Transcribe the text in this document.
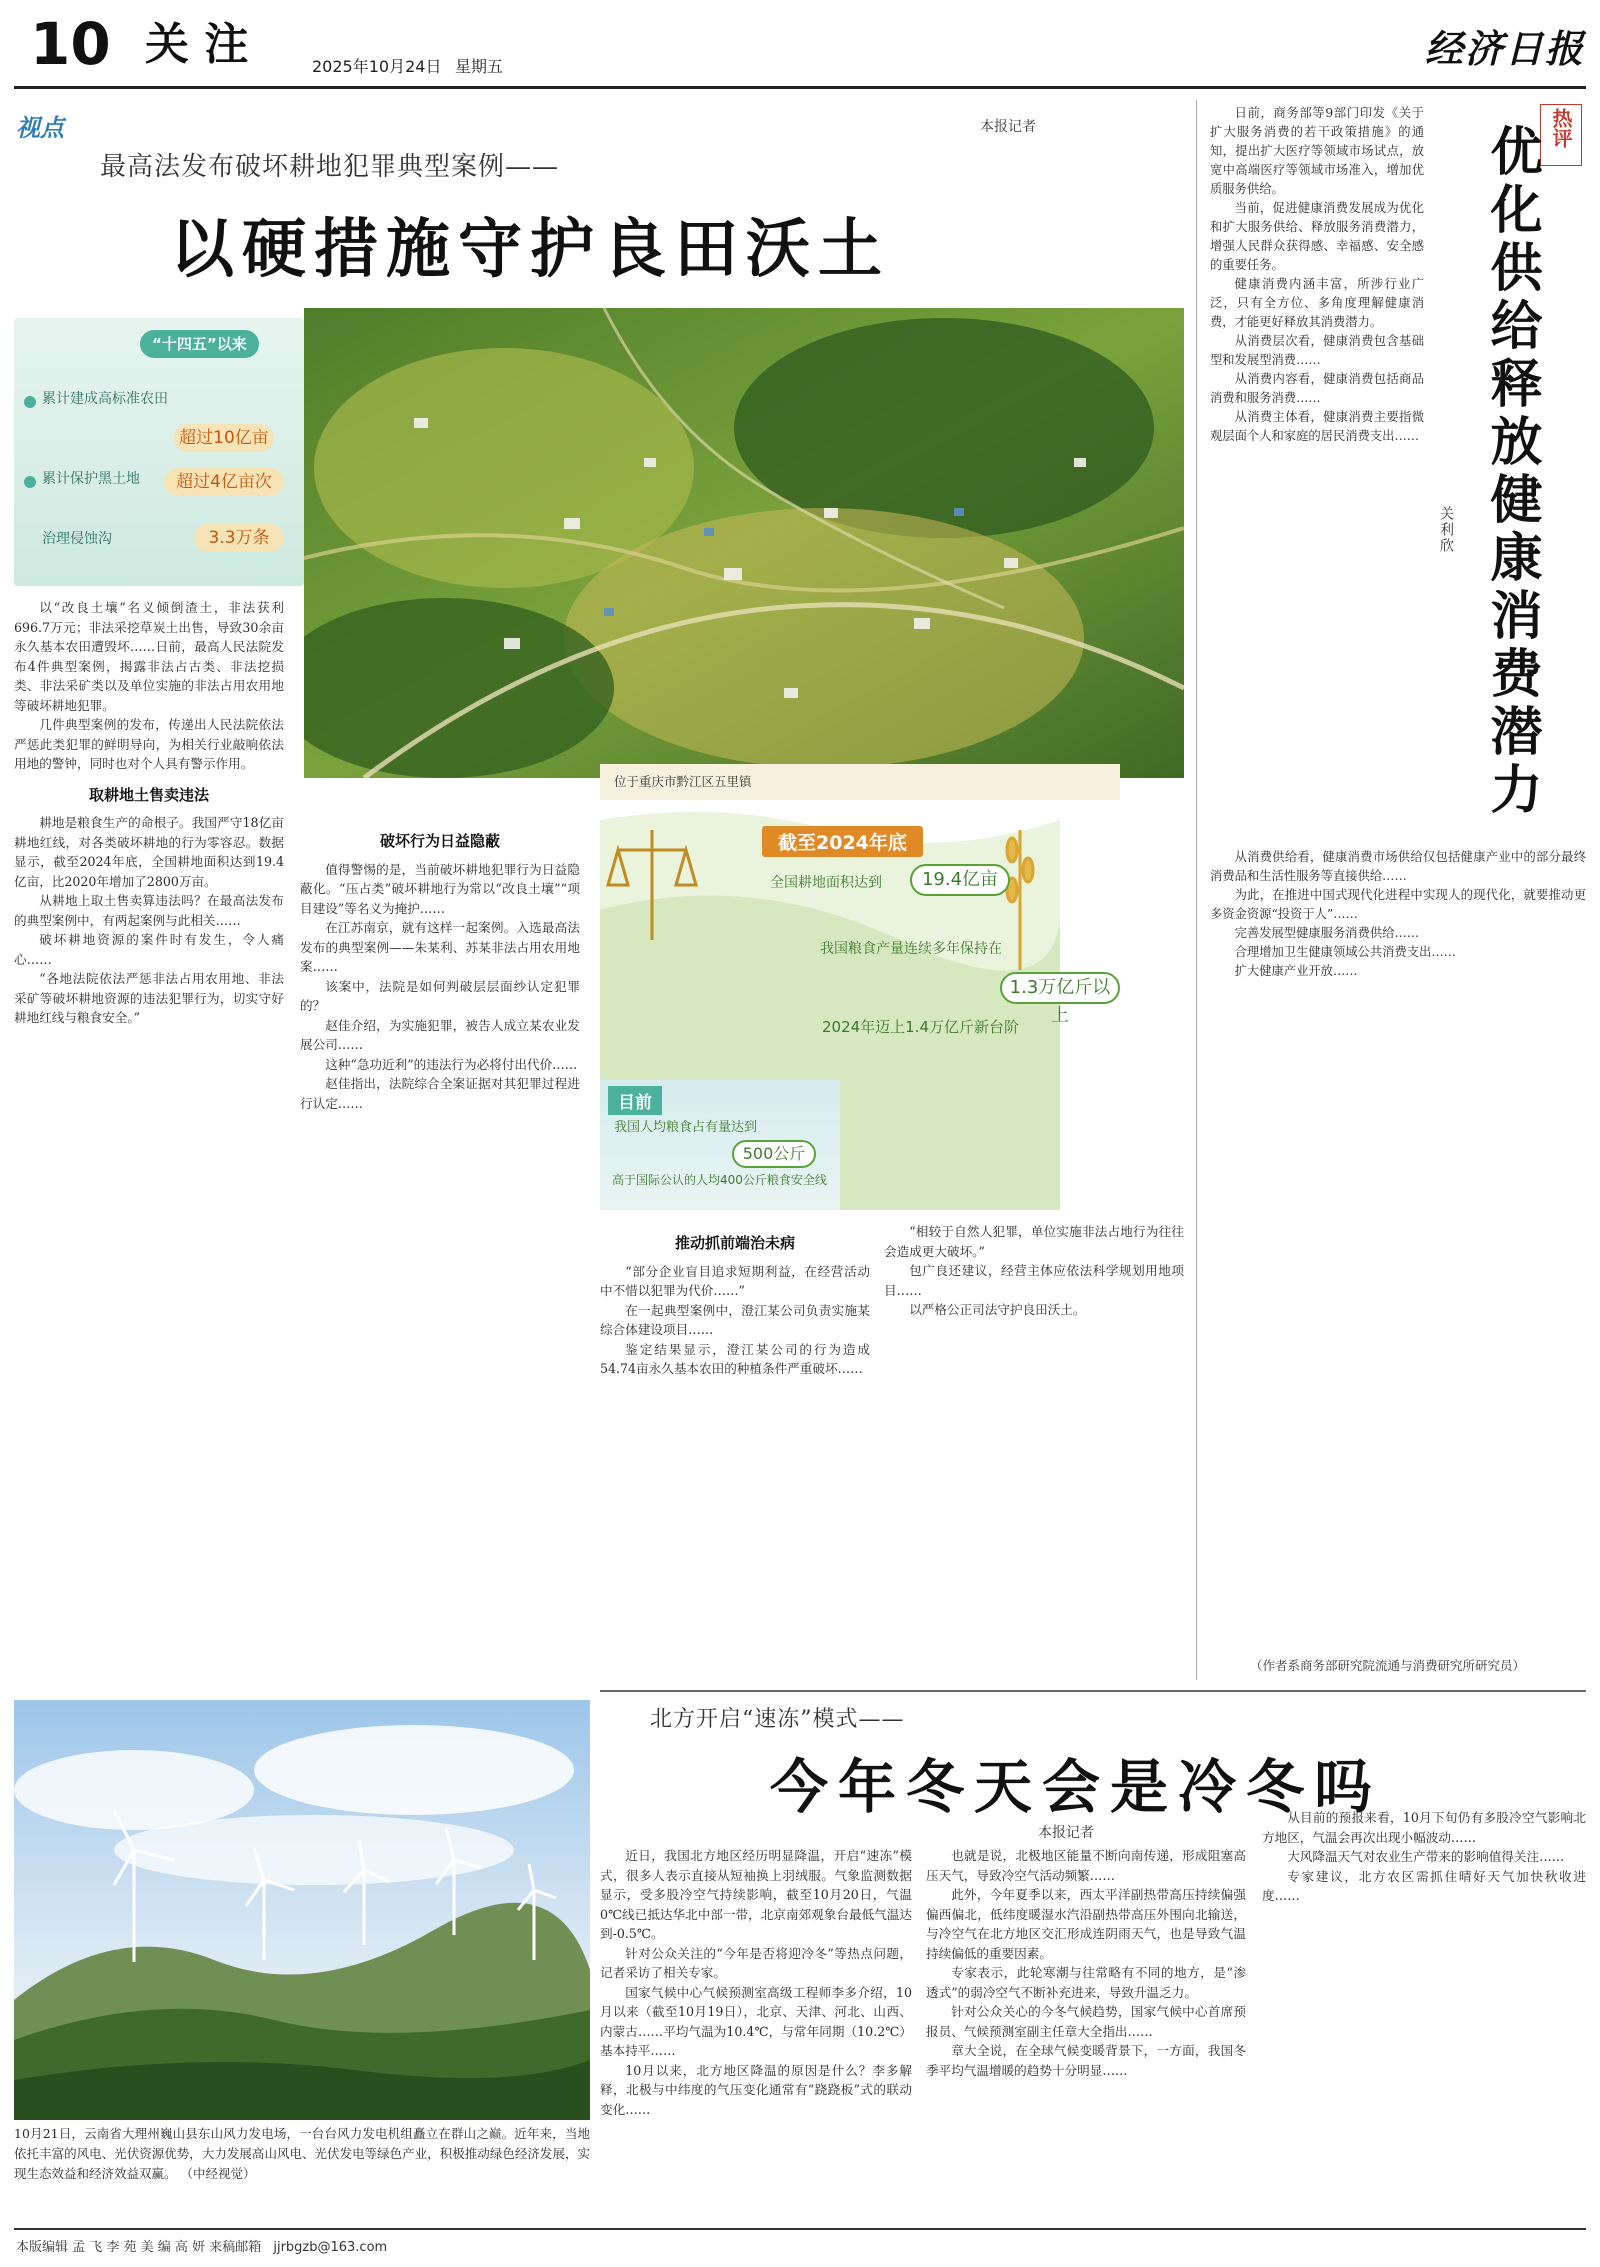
10 关 注	2025年10月24日 星期五	经济日报
视点	本报记者
最高法发布破坏耕地犯罪典型案例——
以硬措施守护良田沃土
“十四五”以来
累计建成高标准农田
超过10亿亩
累计保护黑土地	超过4亿亩次
治理侵蚀沟	3.3万条
位于重庆市黔江区五里镇
截至2024年底
全国耕地面积达到	19.4亿亩
我国粮食产量连续多年保持在
1.3万亿斤以上
2024年迈上1.4万亿斤新台阶
目前
我国人均粮食占有量达到
500公斤
高于国际公认的人均400公斤粮食安全线

以“改良土壤”名义倾倒渣土，非法获利696.7万元；非法采挖草炭土出售，导致30余亩永久基本农田遭毁坏……日前，最高人民法院发布4件典型案例，揭露非法占古类、非法挖损类、非法采矿类以及单位实施的非法占用农用地等破坏耕地犯罪。

几件典型案例的发布，传递出人民法院依法严惩此类犯罪的鲜明导向，为相关行业敲响依法用地的警钟，同时也对个人具有警示作用。

取耕地土售卖违法

耕地是粮食生产的命根子。我国严守18亿亩耕地红线，对各类破坏耕地的行为零容忍。数据显示，截至2024年底，全国耕地面积达到19.4亿亩，比2020年增加了2800万亩。

从耕地上取土售卖算违法吗？在最高法发布的典型案例中，有两起案例与此相关……

破坏耕地资源的案件时有发生，令人痛心……

“各地法院依法严惩非法占用农用地、非法采矿等破坏耕地资源的违法犯罪行为，切实守好耕地红线与粮食安全。”

破坏行为日益隐蔽

值得警惕的是，当前破坏耕地犯罪行为日益隐蔽化。“压占类”破坏耕地行为常以“改良土壤”“项目建设”等名义为掩护……

在江苏南京，就有这样一起案例。入选最高法发布的典型案例——朱某利、苏某非法占用农用地案……

该案中，法院是如何判破层层面纱认定犯罪的？

赵佳介绍，为实施犯罪，被告人成立某农业发展公司……

这种“急功近利”的违法行为必将付出代价……

赵佳指出，法院综合全案证据对其犯罪过程进行认定……

推动抓前端治未病

“部分企业盲目追求短期利益，在经营活动中不惜以犯罪为代价……”

在一起典型案例中，澄江某公司负责实施某综合体建设项目……

鉴定结果显示，澄江某公司的行为造成54.74亩永久基本农田的种植条件严重破坏……

“相较于自然人犯罪，单位实施非法占地行为往往会造成更大破坏。”

包广良还建议，经营主体应依法科学规划用地项目……

以严格公正司法守护良田沃土。

热评
优化供给释放健康消费潜力
关利欣

日前，商务部等9部门印发《关于扩大服务消费的若干政策措施》的通知，提出扩大医疗等领域市场试点，放宽中高端医疗等领域市场准入，增加优质服务供给。

当前，促进健康消费发展成为优化和扩大服务供给、释放服务消费潜力，增强人民群众获得感、幸福感、安全感的重要任务。

健康消费内涵丰富，所涉行业广泛，只有全方位、多角度理解健康消费，才能更好释放其消费潜力。

从消费层次看，健康消费包含基础型和发展型消费……

从消费内容看，健康消费包括商品消费和服务消费……

从消费主体看，健康消费主要指微观层面个人和家庭的居民消费支出……

从消费供给看，健康消费市场供给仅包括健康产业中的部分最终消费品和生活性服务等直接供给……

为此，在推进中国式现代化进程中实现人的现代化，就要推动更多资金资源“投资于人”……

完善发展型健康服务消费供给……

合理增加卫生健康领域公共消费支出……

扩大健康产业开放……

（作者系商务部研究院流通与消费研究所研究员）
10月21日，云南省大理州巍山县东山风力发电场，一台台风力发电机组矗立在群山之巅。近年来，当地依托丰富的风电、光伏资源优势，大力发展高山风电、光伏发电等绿色产业，积极推动绿色经济发展，实现生态效益和经济效益双赢。 （中经视觉）
北方开启“速冻”模式——
今年冬天会是冷冬吗
本报记者

近日，我国北方地区经历明显降温，开启“速冻”模式，很多人表示直接从短袖换上羽绒服。气象监测数据显示，受多股冷空气持续影响，截至10月20日，气温0℃线已抵达华北中部一带，北京南郊观象台最低气温达到-0.5℃。

针对公众关注的“今年是否将迎冷冬”等热点问题，记者采访了相关专家。

国家气候中心气候预测室高级工程师李多介绍，10月以来（截至10月19日），北京、天津、河北、山西、内蒙古……平均气温为10.4℃，与常年同期（10.2℃）基本持平……

10月以来，北方地区降温的原因是什么？李多解释，北极与中纬度的气压变化通常有“跷跷板”式的联动变化……

也就是说，北极地区能量不断向南传递，形成阻塞高压天气，导致冷空气活动频繁……

此外，今年夏季以来，西太平洋副热带高压持续偏强偏西偏北，低纬度暖湿水汽沿副热带高压外围向北输送，与冷空气在北方地区交汇形成连阴雨天气，也是导致气温持续偏低的重要因素。

专家表示，此轮寒潮与往常略有不同的地方，是“渗透式”的弱冷空气不断补充进来，导致升温乏力。

针对公众关心的今冬气候趋势，国家气候中心首席预报员、气候预测室副主任章大全指出……

章大全说，在全球气候变暖背景下，一方面，我国冬季平均气温增暖的趋势十分明显……

从目前的预报来看，10月下旬仍有多股冷空气影响北方地区，气温会再次出现小幅波动……

大风降温天气对农业生产带来的影响值得关注……

专家建议，北方农区需抓住晴好天气加快秋收进度……

本版编辑 孟 飞 李 苑 美 编 高 妍 来稿邮箱 jjrbgzb@163.com
